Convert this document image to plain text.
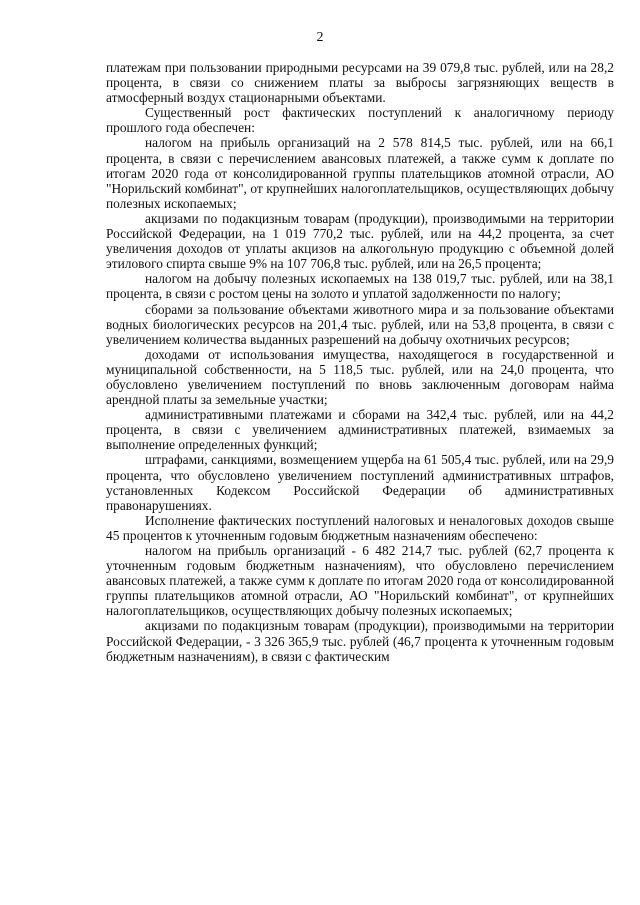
2

платежам при пользовании природными ресурсами на 39 079,8 тыс. рублей, или на 28,2 процента, в связи со снижением платы за выбросы загрязняющих веществ в атмосферный воздух стационарными объектами.

Существенный рост фактических поступлений к аналогичному периоду прошлого года обеспечен:

налогом на прибыль организаций на 2 578 814,5 тыс. рублей, или на 66,1 процента, в связи с перечислением авансовых платежей, а также сумм к доплате по итогам 2020 года от консолидированной группы плательщиков атомной отрасли, АО "Норильский комбинат", от крупнейших налогоплательщиков, осуществляющих добычу полезных ископаемых;

акцизами по подакцизным товарам (продукции), производимыми на территории Российской Федерации, на 1 019 770,2 тыс. рублей, или на 44,2 процента, за счет увеличения доходов от уплаты акцизов на алкогольную продукцию с объемной долей этилового спирта свыше 9% на 107 706,8 тыс. рублей, или на 26,5 процента;

налогом на добычу полезных ископаемых на 138 019,7 тыс. рублей, или на 38,1 процента, в связи с ростом цены на золото и уплатой задолженности по налогу;

сборами за пользование объектами животного мира и за пользование объектами водных биологических ресурсов на 201,4 тыс. рублей, или на 53,8 процента, в связи с увеличением количества выданных разрешений на добычу охотничьих ресурсов;

доходами от использования имущества, находящегося в государственной и муниципальной собственности, на 5 118,5 тыс. рублей, или на 24,0 процента, что обусловлено увеличением поступлений по вновь заключенным договорам найма арендной платы за земельные участки;

административными платежами и сборами на 342,4 тыс. рублей, или на 44,2 процента, в связи с увеличением административных платежей, взимаемых за выполнение определенных функций;

штрафами, санкциями, возмещением ущерба на 61 505,4 тыс. рублей, или на 29,9 процента, что обусловлено увеличением поступлений административных штрафов, установленных Кодексом Российской Федерации об административных правонарушениях.

Исполнение фактических поступлений налоговых и неналоговых доходов свыше 45 процентов к уточненным годовым бюджетным назначениям обеспечено:

налогом на прибыль организаций - 6 482 214,7 тыс. рублей (62,7 процента к уточненным годовым бюджетным назначениям), что обусловлено перечислением авансовых платежей, а также сумм к доплате по итогам 2020 года от консолидированной группы плательщиков атомной отрасли, АО "Норильский комбинат", от крупнейших налогоплательщиков, осуществляющих добычу полезных ископаемых;

акцизами по подакцизным товарам (продукции), производимыми на территории Российской Федерации, - 3 326 365,9 тыс. рублей (46,7 процента к уточненным годовым бюджетным назначениям), в связи с фактическим
